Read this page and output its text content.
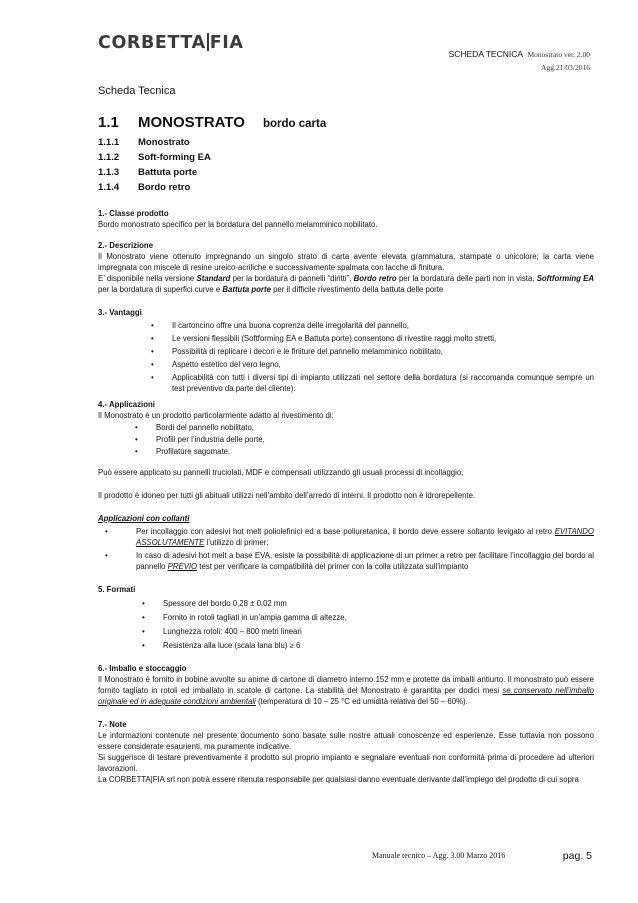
CORBETTA FIA
SCHEDA TECNICA Monostrato ver. 2.00
Agg.21/03/2016
Scheda Tecnica
1.1 MONOSTRATO bordo carta
1.1.1 Monostrato
1.1.2 Soft-forming EA
1.1.3 Battuta porte
1.1.4 Bordo retro
1.- Classe prodotto
Bordo monostrato specifico per la bordatura del pannello melamminico nobilitato.
2.- Descrizione
Il Monostrato viene ottenuto impregnando un singolo strato di carta avente elevata grammatura, stampate o unicolore; la carta viene impregnata con miscele di resine ureico-acriliche e successivamente spalmata con lacche di finitura.
E’ disponibile nella versione Standard per la bordatura di pannelli “diritti”, Bordo retro per la bordatura delle parti non in vista, Softforming EA per la bordatura di superfici curve e Battuta porte per il difficile rivestimento della battuta delle porte
3.- Vantaggi
• Il cartoncino offre una buona coprenza delle irregolarità del pannello,
• Le versioni flessibili (Softforming EA e Battuta porte) consentono di rivestire raggi molto stretti,
• Possibilità di replicare i decori e le finiture del pannello melamminico nobilitato,
• Aspetto estetico del vero legno,
• Applicabilità con tutti i diversi tipi di impianto utilizzati nel settore della bordatura (si raccomanda comunque sempre un test preventivo da parte del cliente).
4.- Applicazioni
Il Monostrato è un prodotto particolarmente adatto al rivestimento di:
• Bordi del pannello nobilitato,
• Profili per l’industria delle porte,
• Profilature sagomate.
Può essere applicato su pannelli truciolati, MDF e compensati utilizzando gli usuali processi di incollaggio,
Il prodotto è idoneo per tutti gli abituali utilizzi nell’ambito dell’arredo di interni. Il prodotto non è idrorepellente.
Applicazioni con collanti
• Per incollaggio con adesivi hot melt poliolefinici ed a base poliuretanica, il bordo deve essere soltanto levigato al retro EVITANDO ASSOLUTAMENTE l’utilizzo di primer;
• In caso di adesivi hot melt a base EVA, esiste la possibilità di applicazione di un primer a retro per facilitare l’incollaggio del bordo al pannello PREVIO test per verificare la compatibilità del primer con la colla utilizzata sull’impianto
5. Formati
• Spessore del bordo 0,28 ± 0,02 mm
• Fornito in rotoli tagliati in un’ampia gamma di altezze,
• Lunghezza rotoli: 400 – 800 metri lineari
• Resistenza alla luce (scala lana blu) ≥ 6
6.- Imballo e stoccaggio
Il Monostrato è fornito in bobine avvolte su anime di cartone di diametro interno 152 mm e protette da imballi antiurto. Il monostrato può essere fornito tagliato in rotoli ed imballato in scatole di cartone. La stabilità del Monostrato è garantita per dodici mesi se conservato nell’imballo originale ed in adeguate condizioni ambientali (temperatura di 10 – 25 °C ed umidità relativa del 50 – 60%).
7.- Note
Le informazioni contenute nel presente documento sono basate sulle nostre attuali conoscenze ed esperienze. Esse tuttavia non possono essere considerate esaurienti, ma puramente indicative.
Si suggerisce di testare preventivamente il prodotto sul proprio impianto e segnalare eventuali non conformità prima di procedere ad ulteriori lavorazioni.
La CORBETTA|FIA srl non potrà essere ritenuta responsabile per qualsiasi danno eventuale derivante dall’impiego del prodotto di cui sopra
Manuale tecnico – Agg. 3.00 Marzo 2016	pag. 5
